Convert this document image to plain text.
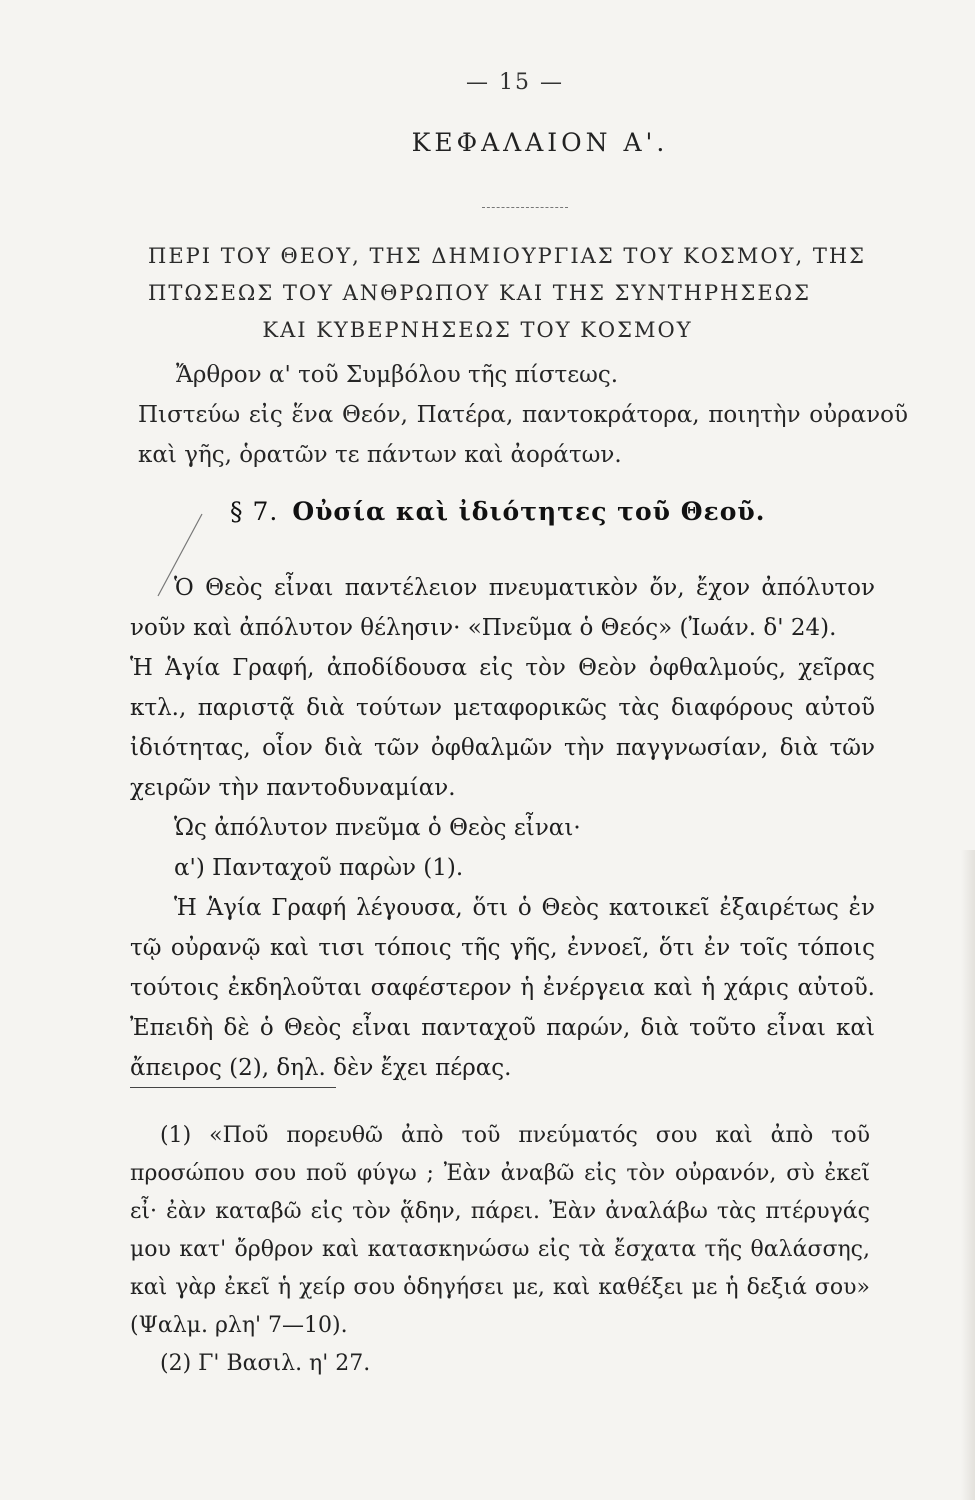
— 15 —
ΚΕΦΑΛΑΙΟΝ Α'.
ΠΕΡΙ ΤΟΥ ΘΕΟΥ, ΤΗΣ ΔΗΜΙΟΥΡΓΙΑΣ ΤΟΥ ΚΟΣΜΟΥ, ΤΗΣ
ΠΤΩΣΕΩΣ ΤΟΥ ΑΝΘΡΩΠΟΥ ΚΑΙ ΤΗΣ ΣΥΝΤΗΡΗΣΕΩΣ
ΚΑΙ ΚΥΒΕΡΝΗΣΕΩΣ ΤΟΥ ΚΟΣΜΟΥ
Ἄρθρον α' τοῦ Συμβόλου τῆς πίστεως.
Πιστεύω εἰς ἕνα Θεόν, Πατέρα, παντοκράτορα, ποιητὴν οὐρανοῦ καὶ γῆς, ὁρατῶν τε πάντων καὶ ἀοράτων.
§ 7. Οὐσία καὶ ἰδιότητες τοῦ Θεοῦ.

Ὁ Θεὸς εἶναι παντέλειον πνευματικὸν ὄν, ἔχον ἀπόλυτον νοῦν καὶ ἀπόλυτον θέλησιν· «Πνεῦμα ὁ Θεός» (Ἰωάν. δ' 24).

Ἡ Ἁγία Γραφή, ἀποδίδουσα εἰς τὸν Θεὸν ὀφθαλμούς, χεῖρας κτλ., παριστᾷ διὰ τούτων μεταφορικῶς τὰς διαφόρους αὐτοῦ ἰδιότητας, οἷον διὰ τῶν ὀφθαλμῶν τὴν παγγνωσίαν, διὰ τῶν χειρῶν τὴν παντοδυναμίαν.

Ὡς ἀπόλυτον πνεῦμα ὁ Θεὸς εἶναι·

α') Πανταχοῦ παρὼν (1).

Ἡ Ἁγία Γραφή λέγουσα, ὅτι ὁ Θεὸς κατοικεῖ ἐξαιρέτως ἐν τῷ οὐρανῷ καὶ τισι τόποις τῆς γῆς, ἐννοεῖ, ὅτι ἐν τοῖς τόποις τούτοις ἐκδηλοῦται σαφέστερον ἡ ἐνέργεια καὶ ἡ χάρις αὐτοῦ. Ἐπειδὴ δὲ ὁ Θεὸς εἶναι πανταχοῦ παρών, διὰ τοῦτο εἶναι καὶ ἄπειρος (2), δηλ. δὲν ἔχει πέρας.

(1) «Ποῦ πορευθῶ ἀπὸ τοῦ πνεύματός σου καὶ ἀπὸ τοῦ προσώπου σου ποῦ φύγω ; Ἐὰν ἀναβῶ εἰς τὸν οὐρανόν, σὺ ἐκεῖ εἶ· ἐὰν καταβῶ εἰς τὸν ᾅδην, πάρει. Ἐὰν ἀναλάβω τὰς πτέρυγάς μου κατ' ὄρθρον καὶ κατασκηνώσω εἰς τὰ ἔσχατα τῆς θαλάσσης, καὶ γὰρ ἐκεῖ ἡ χείρ σου ὁδηγήσει με, καὶ καθέξει με ἡ δεξιά σου» (Ψαλμ. ρλη' 7—10).

(2) Γ' Βασιλ. η' 27.
